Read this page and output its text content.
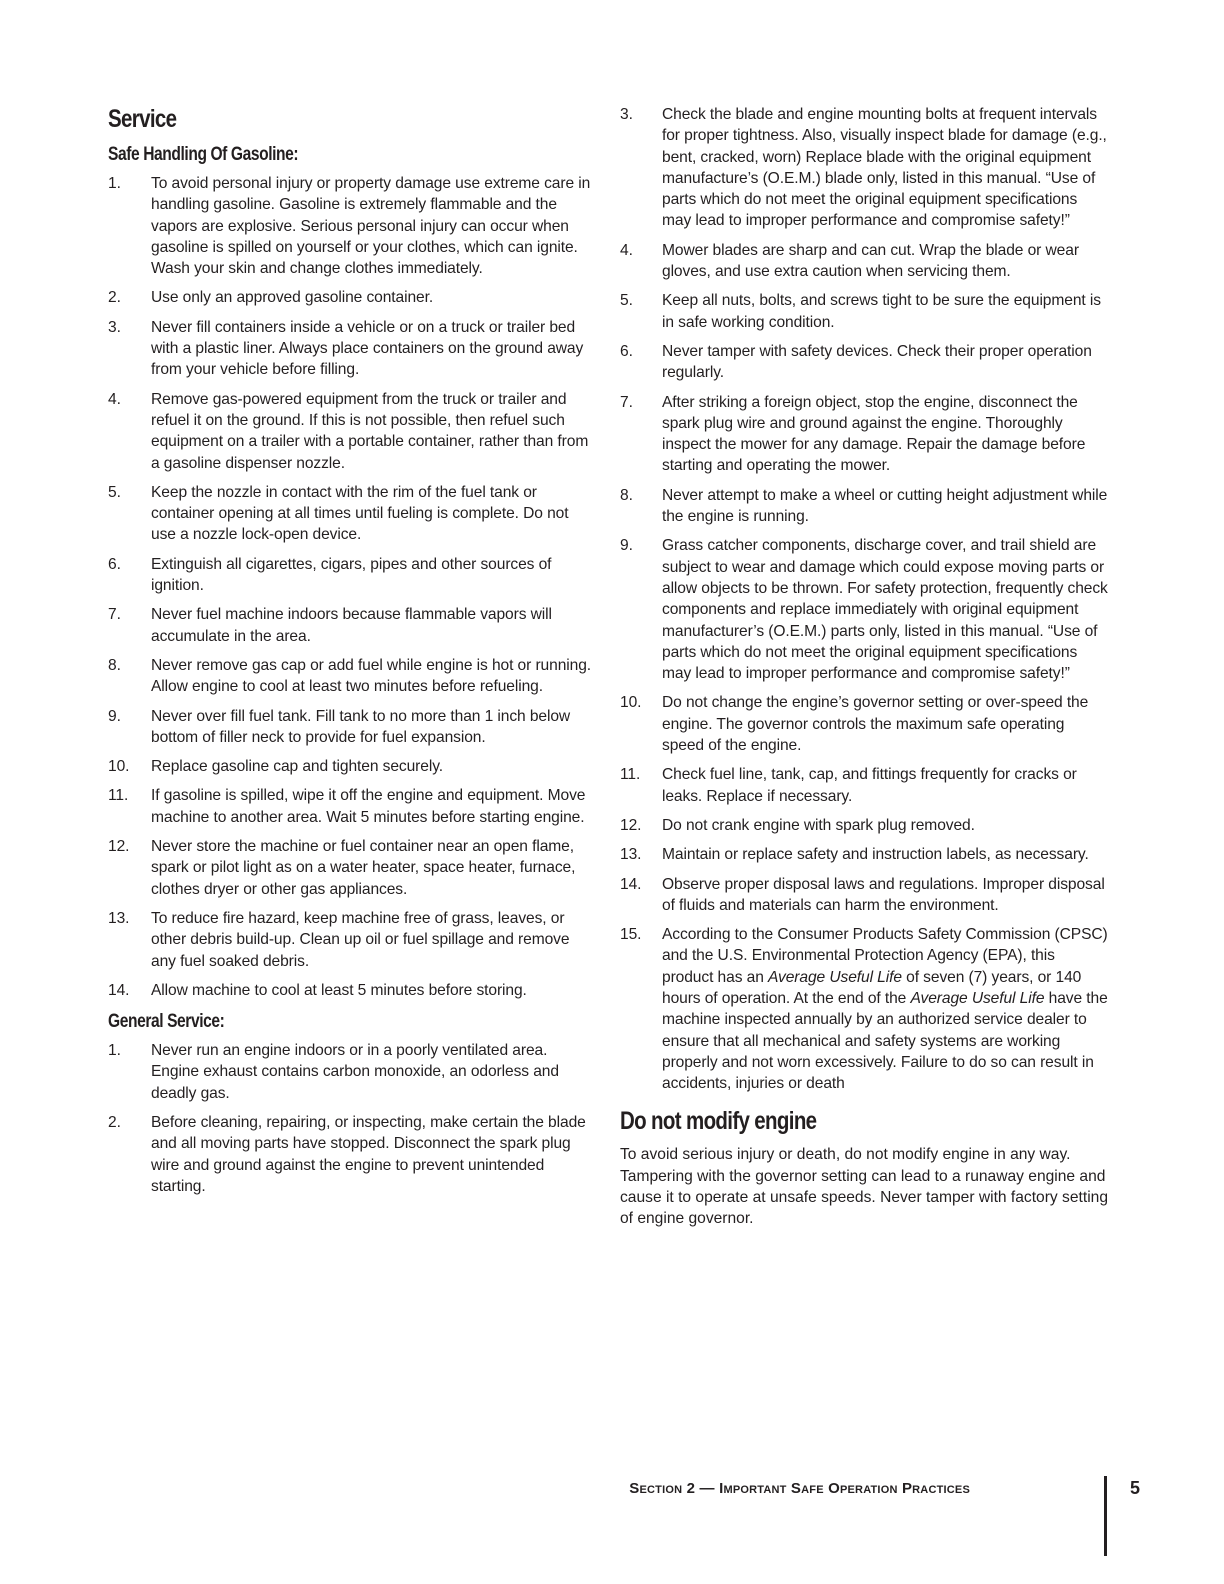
Service
Safe Handling Of Gasoline:
1.	To avoid personal injury or property damage use extreme care in handling gasoline. Gasoline is extremely flammable and the vapors are explosive. Serious personal injury can occur when gasoline is spilled on yourself or your clothes, which can ignite. Wash your skin and change clothes immediately.
2.	Use only an approved gasoline container.
3.	Never fill containers inside a vehicle or on a truck or trailer bed with a plastic liner. Always place containers on the ground away from your vehicle before filling.
4.	Remove gas-powered equipment from the truck or trailer and refuel it on the ground. If this is not possible, then refuel such equipment on a trailer with a portable container, rather than from a gasoline dispenser nozzle.
5.	Keep the nozzle in contact with the rim of the fuel tank or container opening at all times until fueling is complete. Do not use a nozzle lock-open device.
6.	Extinguish all cigarettes, cigars, pipes and other sources of ignition.
7.	Never fuel machine indoors because flammable vapors will accumulate in the area.
8.	Never remove gas cap or add fuel while engine is hot or running. Allow engine to cool at least two minutes before refueling.
9.	Never over fill fuel tank. Fill tank to no more than 1 inch below bottom of filler neck to provide for fuel expansion.
10.	Replace gasoline cap and tighten securely.
11.	If gasoline is spilled, wipe it off the engine and equipment. Move machine to another area. Wait 5 minutes before starting engine.
12.	Never store the machine or fuel container near an open flame, spark or pilot light as on a water heater, space heater, furnace, clothes dryer or other gas appliances.
13.	To reduce fire hazard, keep machine free of grass, leaves, or other debris build-up. Clean up oil or fuel spillage and remove any fuel soaked debris.
14.	Allow machine to cool at least 5 minutes before storing.
General Service:
1.	Never run an engine indoors or in a poorly ventilated area. Engine exhaust contains carbon monoxide, an odorless and deadly gas.
2.	Before cleaning, repairing, or inspecting, make certain the blade and all moving parts have stopped. Disconnect the spark plug wire and ground against the engine to prevent unintended starting.
3.	Check the blade and engine mounting bolts at frequent intervals for proper tightness. Also, visually inspect blade for damage (e.g., bent, cracked, worn) Replace blade with the original equipment manufacture’s (O.E.M.) blade only, listed in this manual. “Use of parts which do not meet the original equipment specifications may lead to improper performance and compromise safety!”
4.	Mower blades are sharp and can cut. Wrap the blade or wear gloves, and use extra caution when servicing them.
5.	Keep all nuts, bolts, and screws tight to be sure the equipment is in safe working condition.
6.	Never tamper with safety devices. Check their proper operation regularly.
7.	After striking a foreign object, stop the engine, disconnect the spark plug wire and ground against the engine. Thoroughly inspect the mower for any damage. Repair the damage before starting and operating the mower.
8.	Never attempt to make a wheel or cutting height adjustment while the engine is running.
9.	Grass catcher components, discharge cover, and trail shield are subject to wear and damage which could expose moving parts or allow objects to be thrown. For safety protection, frequently check components and replace immediately with original equipment manufacturer’s (O.E.M.) parts only, listed in this manual. “Use of parts which do not meet the original equipment specifications may lead to improper performance and compromise safety!”
10.	Do not change the engine’s governor setting or over-speed the engine. The governor controls the maximum safe operating speed of the engine.
11.	Check fuel line, tank, cap, and fittings frequently for cracks or leaks. Replace if necessary.
12.	Do not crank engine with spark plug removed.
13.	Maintain or replace safety and instruction labels, as necessary.
14.	Observe proper disposal laws and regulations. Improper disposal of fluids and materials can harm the environment.
15.	According to the Consumer Products Safety Commission (CPSC) and the U.S. Environmental Protection Agency (EPA), this product has an Average Useful Life of seven (7) years, or 140 hours of operation. At the end of the Average Useful Life have the machine inspected annually by an authorized service dealer to ensure that all mechanical and safety systems are working properly and not worn excessively. Failure to do so can result in accidents, injuries or death
Do not modify engine

To avoid serious injury or death, do not modify engine in any way. Tampering with the governor setting can lead to a runaway engine and cause it to operate at unsafe speeds. Never tamper with factory setting of engine governor.

Section 2 — Important Safe Operation Practices	5
